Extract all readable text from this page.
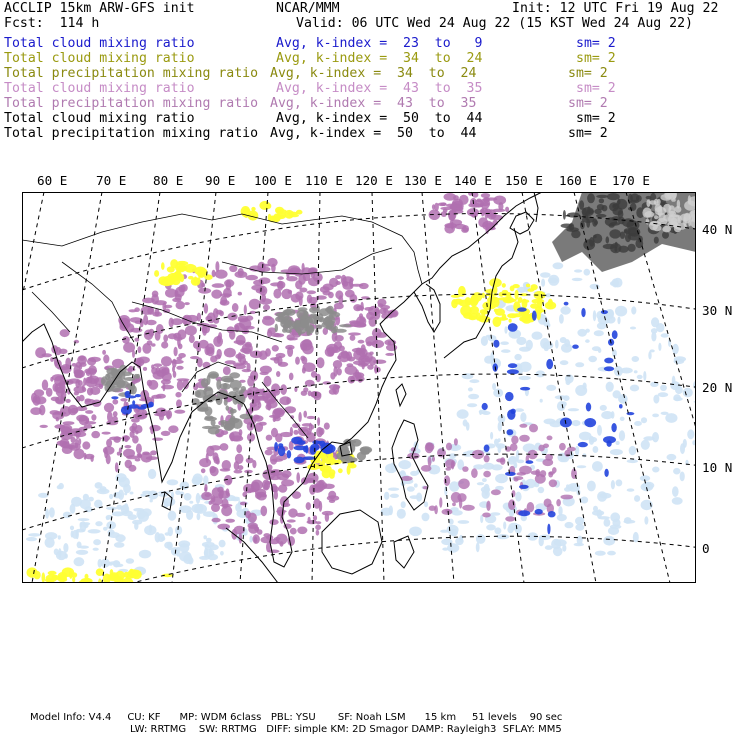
ACCLIP 15km ARW-GFS init	NCAR/MMM	Init: 12 UTC Fri 19 Aug 22
Fcst:  114 h	Valid: 06 UTC Wed 24 Aug 22 (15 KST Wed 24 Aug 22)
Total cloud mixing ratio	Avg, k-index =  23  to   9	sm= 2
Total cloud mixing ratio	Avg, k-index =  34  to  24	sm= 2
Total precipitation mixing ratio Avg, k-index =  34  to  24	sm= 2
Total cloud mixing ratio	Avg, k-index =  43  to  35	sm= 2
Total precipitation mixing ratio Avg, k-index =  43  to  35	sm= 2
Total cloud mixing ratio	Avg, k-index =  50  to  44	sm= 2
Total precipitation mixing ratio Avg, k-index =  50  to  44	sm= 2
60 E 70 E 80 E 90 E 100 E 110 E 120 E 130 E 140 E 150 E 160 E 170 E
40 N
30 N
20 N
10 N
0
Model Info: V4.4     CU: KF      MP: WDM 6class   PBL: YSU       SF: Noah LSM      15 km     51 levels    90 sec
LW: RRTMG    SW: RRTMG   DIFF: simple KM: 2D Smagor DAMP: Rayleigh3  SFLAY: MM5
